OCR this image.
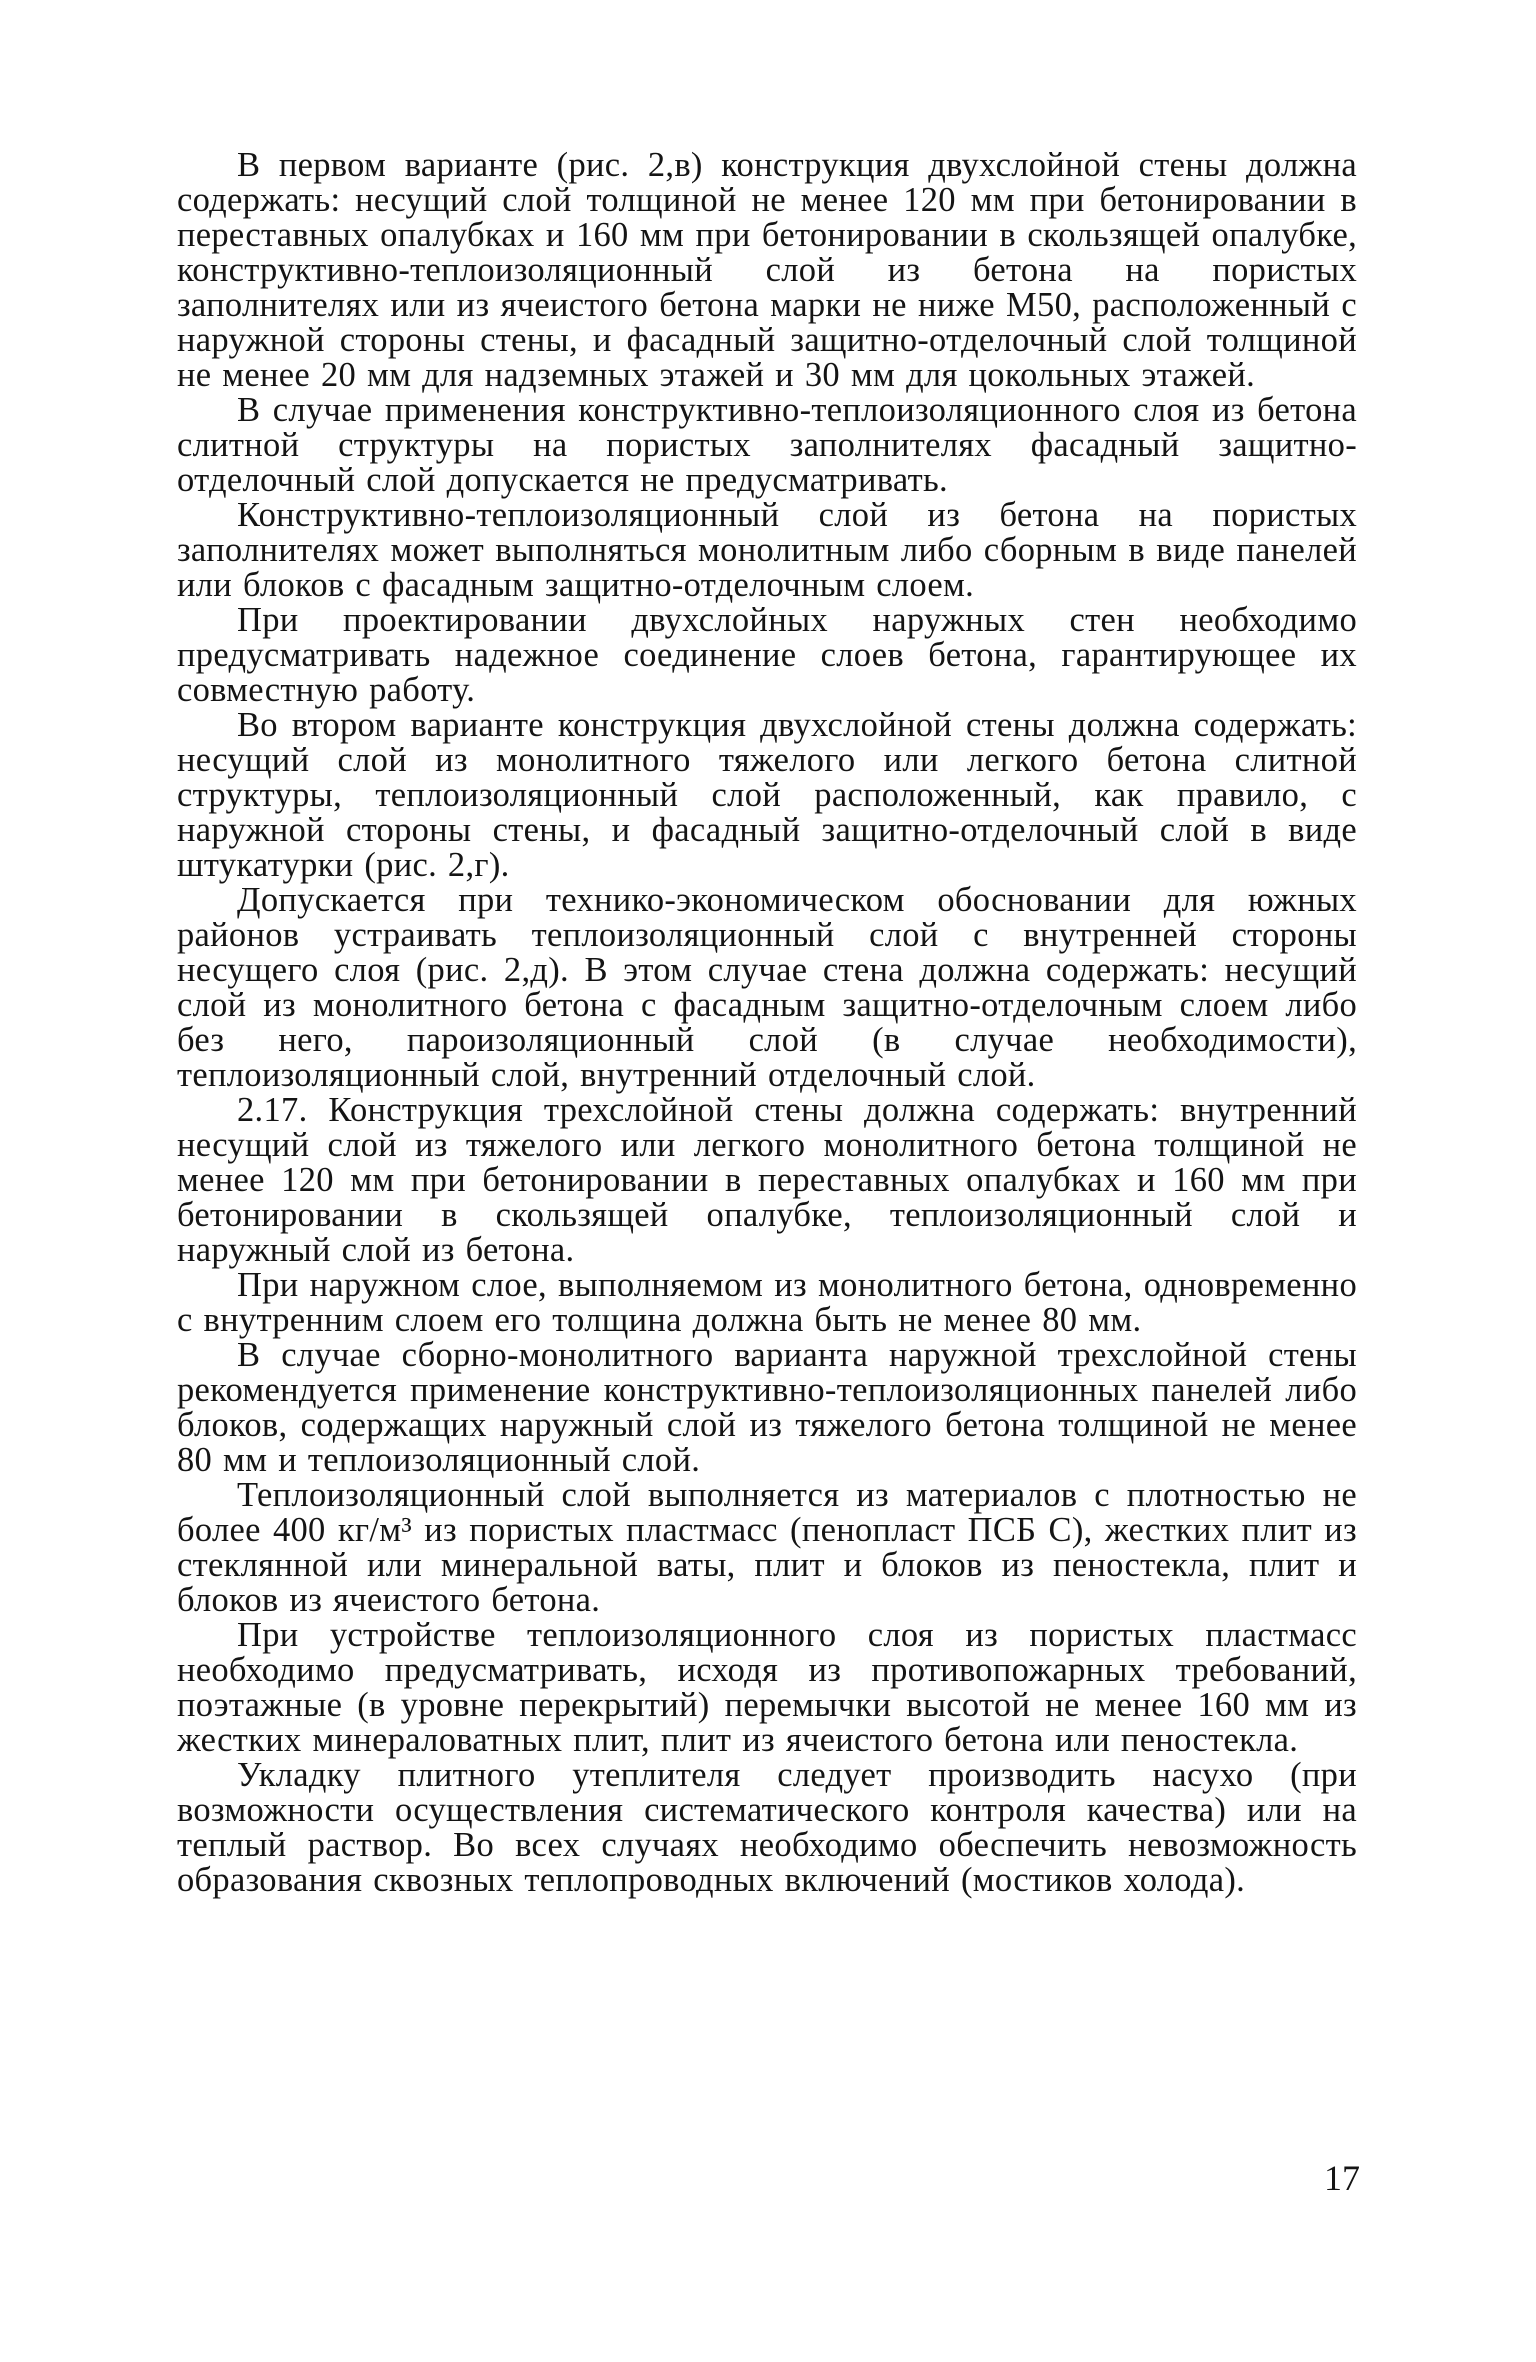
В первом варианте (рис. 2,в) конструкция двухслойной стены должна содержать: несущий слой толщиной не менее 120 мм при бетонировании в переставных опалубках и 160 мм при бетонировании в скользящей опалубке, конструктивно-теплоизоляционный слой из бетона на пористых заполнителях или из ячеистого бетона марки не ниже М50, расположенный с наружной стороны стены, и фасадный защитно-отделочный слой толщиной не менее 20 мм для надземных этажей и 30 мм для цокольных этажей.

В случае применения конструктивно-теплоизоляционного слоя из бетона слитной структуры на пористых заполнителях фасадный защитно-отделочный слой допускается не предусматривать.

Конструктивно-теплоизоляционный слой из бетона на пористых заполнителях может выполняться монолитным либо сборным в виде панелей или блоков с фасадным защитно-отделочным слоем.

При проектировании двухслойных наружных стен необходимо предусматривать надежное соединение слоев бетона, гарантирующее их совместную работу.

Во втором варианте конструкция двухслойной стены должна содержать: несущий слой из монолитного тяжелого или легкого бетона слитной структуры, теплоизоляционный слой расположенный, как правило, с наружной стороны стены, и фасадный защитно-отделочный слой в виде штукатурки (рис. 2,г).

Допускается при технико-экономическом обосновании для южных районов устраивать теплоизоляционный слой с внутренней стороны несущего слоя (рис. 2,д). В этом случае стена должна содержать: несущий слой из монолитного бетона с фасадным защитно-отделочным слоем либо без него, пароизоляционный слой (в случае необходимости), теплоизоляционный слой, внутренний отделочный слой.

2.17. Конструкция трехслойной стены должна содержать: внутренний несущий слой из тяжелого или легкого монолитного бетона толщиной не менее 120 мм при бетонировании в переставных опалубках и 160 мм при бетонировании в скользящей опалубке, теплоизоляционный слой и наружный слой из бетона.

При наружном слое, выполняемом из монолитного бетона, одновременно с внутренним слоем его толщина должна быть не менее 80 мм.

В случае сборно-монолитного варианта наружной трехслойной стены рекомендуется применение конструктивно-теплоизоляционных панелей либо блоков, содержащих наружный слой из тяжелого бетона толщиной не менее 80 мм и теплоизоляционный слой.

Теплоизоляционный слой выполняется из материалов с плотностью не более 400 кг/м³ из пористых пластмасс (пенопласт ПСБ С), жестких плит из стеклянной или минеральной ваты, плит и блоков из пеностекла, плит и блоков из ячеистого бетона.

При устройстве теплоизоляционного слоя из пористых пластмасс необходимо предусматривать, исходя из противопожарных требований, поэтажные (в уровне перекрытий) перемычки высотой не менее 160 мм из жестких минераловатных плит, плит из ячеистого бетона или пеностекла.

Укладку плитного утеплителя следует производить насухо (при возможности осуществления систематического контроля качества) или на теплый раствор. Во всех случаях необходимо обеспечить невозможность образования сквозных теплопроводных включений (мостиков холода).

17
